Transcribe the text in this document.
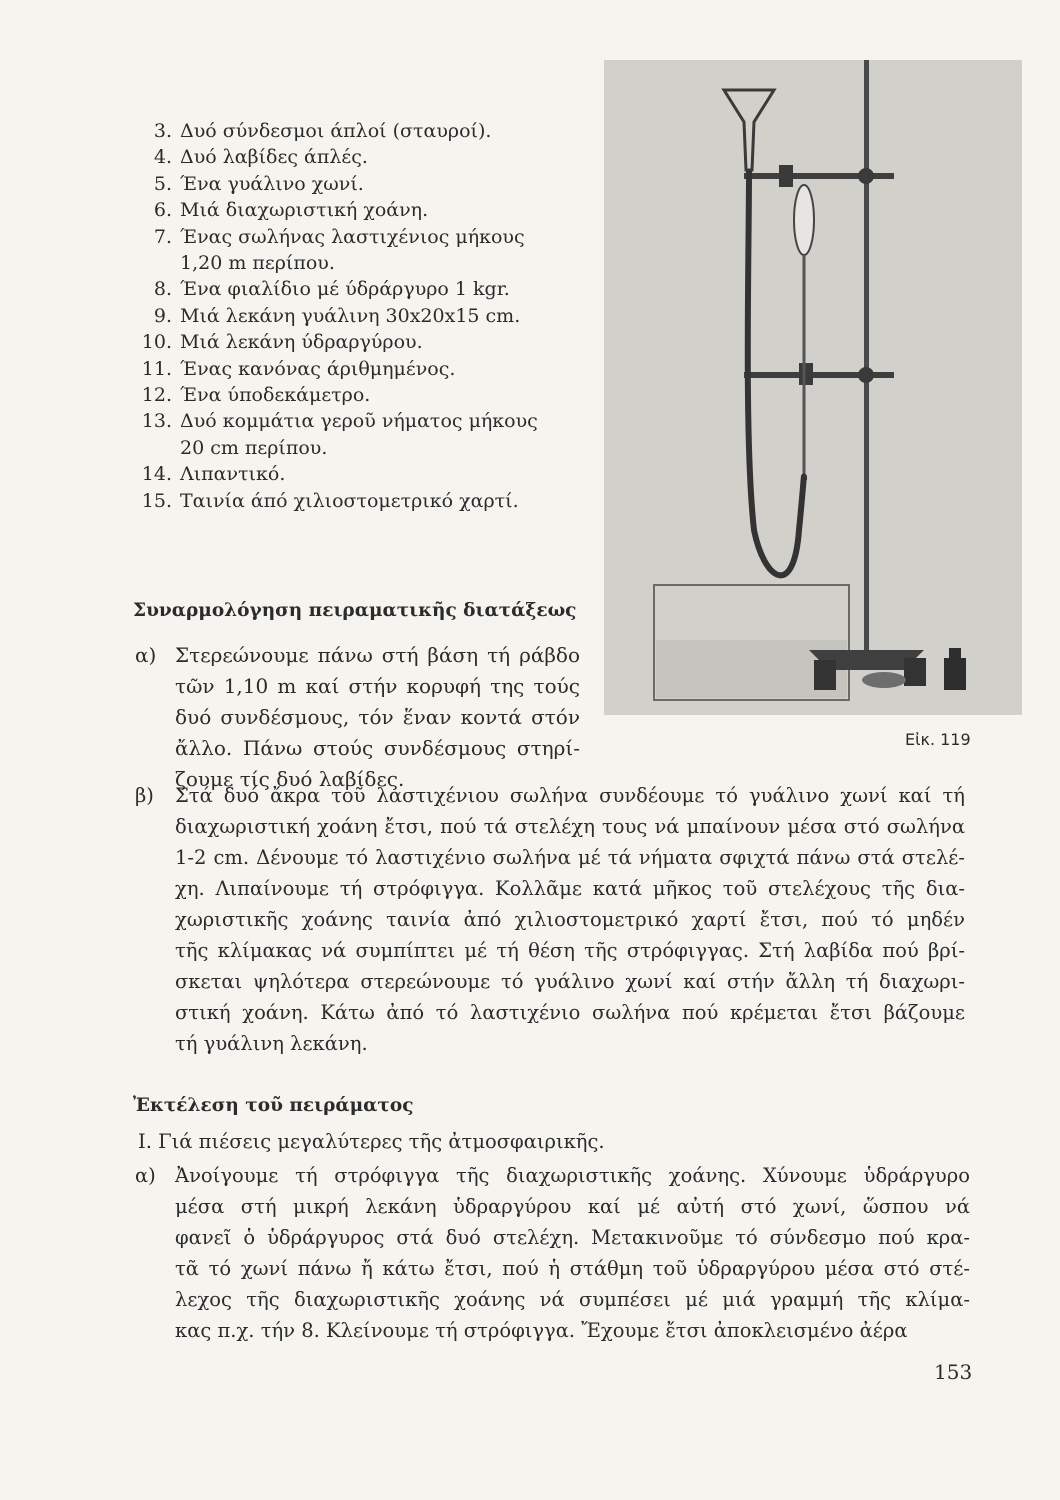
3. Δυό σύνδεσμοι άπλοί (σταυροί).
4. Δυό λαβίδες άπλές.
5. Ένα γυάλινο χωνί.
6. Μιά διαχωριστική χοάνη.
7. Ένας σωλήνας λαστιχένιος μήκους
1,20 m περίπου.
8. Ένα φιαλίδιο μέ ύδράργυρο 1 kgr.
9. Μιά λεκάνη γυάλινη 30x20x15 cm.
10. Μιά λεκάνη ύδραργύρου.
11. Ένας κανόνας άριθμημένος.
12. Ένα ύποδεκάμετρο.
13. Δυό κομμάτια γεροῦ νήματος μήκους
20 cm περίπου.
14. Λιπαντικό.
15. Ταινία άπό χιλιοστομετρικό χαρτί.
Εἰκ. 119
Συναρμολόγηση πειραματικῆς διατάξεως
α) Στερεώνουμε πάνω στή βάση τή ράβδο
τῶν 1,10 m καί στήν κορυφή της τούς
δυό συνδέσμους, τόν ἕναν κοντά στόν
ἄλλο. Πάνω στούς συνδέσμους στηρί-
ζουμε τίς δυό λαβίδες.
β) Στά δυό ἄκρα τοῦ λαστιχένιου σωλήνα συνδέουμε τό γυάλινο χωνί καί τή
διαχωριστική χοάνη ἔτσι, πού τά στελέχη τους νά μπαίνουν μέσα στό σωλήνα
1-2 cm. Δένουμε τό λαστιχένιο σωλήνα μέ τά νήματα σφιχτά πάνω στά στελέ-
χη. Λιπαίνουμε τή στρόφιγγα. Κολλᾶμε κατά μῆκος τοῦ στελέχους τῆς δια-
χωριστικῆς χοάνης ταινία ἀπό χιλιοστομετρικό χαρτί ἔτσι, πού τό μηδέν
τῆς κλίμακας νά συμπίπτει μέ τή θέση τῆς στρόφιγγας. Στή λαβίδα πού βρί-
σκεται ψηλότερα στερεώνουμε τό γυάλινο χωνί καί στήν ἄλλη τή διαχωρι-
στική χοάνη. Κάτω ἀπό τό λαστιχένιο σωλήνα πού κρέμεται ἔτσι βάζουμε
τή γυάλινη λεκάνη.
Ἐκτέλεση τοῦ πειράματος
I. Γιά πιέσεις μεγαλύτερες τῆς ἀτμοσφαιρικῆς.
α) Ἀνοίγουμε τή στρόφιγγα τῆς διαχωριστικῆς χοάνης. Χύνουμε ὑδράργυρο
μέσα στή μικρή λεκάνη ὑδραργύρου καί μέ αὐτή στό χωνί, ὥσπου νά
φανεῖ ὁ ὑδράργυρος στά δυό στελέχη. Μετακινοῦμε τό σύνδεσμο πού κρα-
τᾶ τό χωνί πάνω ἤ κάτω ἔτσι, πού ἡ στάθμη τοῦ ὑδραργύρου μέσα στό στέ-
λεχος τῆς διαχωριστικῆς χοάνης νά συμπέσει μέ μιά γραμμή τῆς κλίμα-
κας π.χ. τήν 8. Κλείνουμε τή στρόφιγγα. Ἔχουμε ἔτσι ἀποκλεισμένο ἀέρα
153
